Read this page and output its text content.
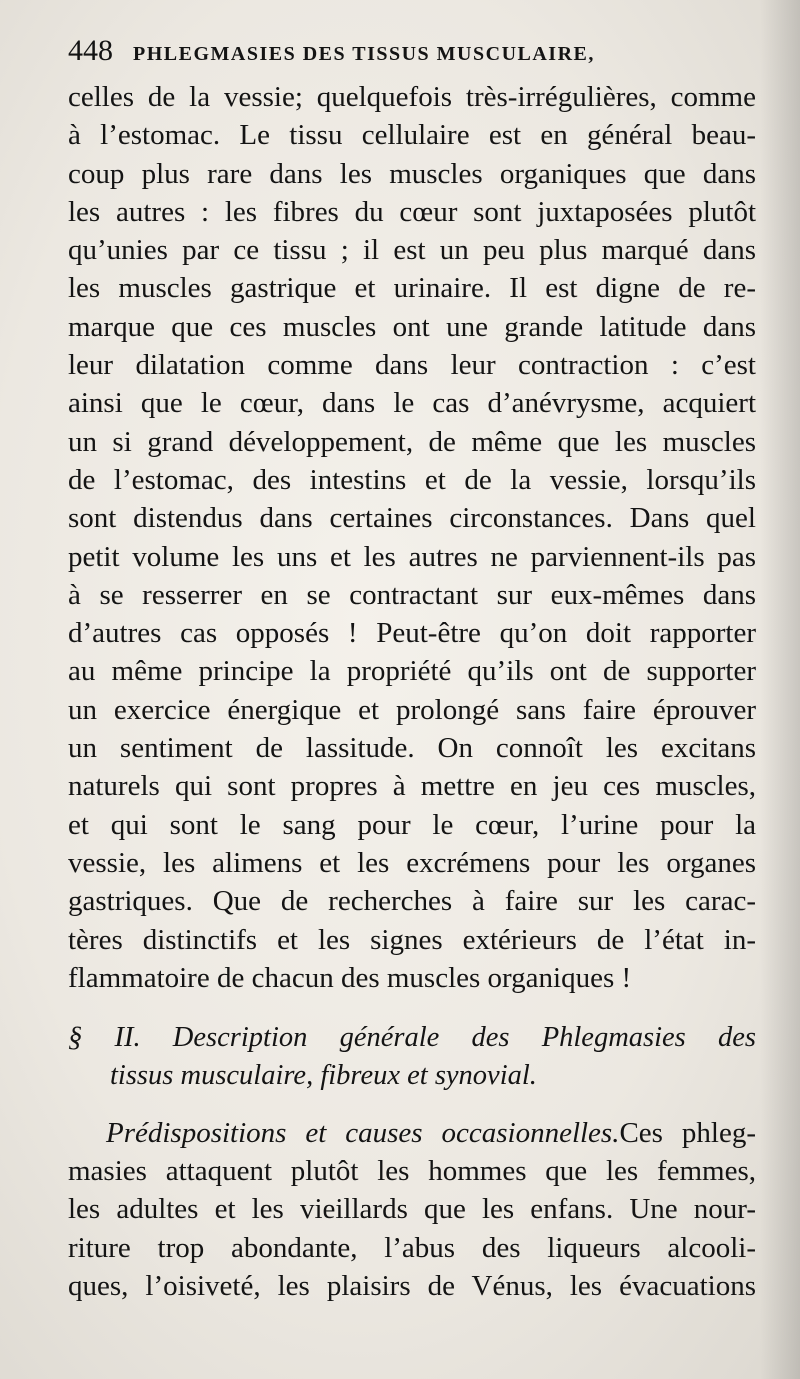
448 PHLEGMASIES DES TISSUS MUSCULAIRE,
celles de la vessie; quelquefois très-irrégulières, comme
à l’estomac. Le tissu cellulaire est en général beau-
coup plus rare dans les muscles organiques que dans
les autres : les fibres du cœur sont juxtaposées plutôt
qu’unies par ce tissu ; il est un peu plus marqué dans
les muscles gastrique et urinaire. Il est digne de re-
marque que ces muscles ont une grande latitude dans
leur dilatation comme dans leur contraction : c’est
ainsi que le cœur, dans le cas d’anévrysme, acquiert
un si grand développement, de même que les muscles
de l’estomac, des intestins et de la vessie, lorsqu’ils
sont distendus dans certaines circonstances. Dans quel
petit volume les uns et les autres ne parviennent-ils pas
à se resserrer en se contractant sur eux-mêmes dans
d’autres cas opposés ! Peut-être qu’on doit rapporter
au même principe la propriété qu’ils ont de supporter
un exercice énergique et prolongé sans faire éprouver
un sentiment de lassitude. On connoît les excitans
naturels qui sont propres à mettre en jeu ces muscles,
et qui sont le sang pour le cœur, l’urine pour la
vessie, les alimens et les excrémens pour les organes
gastriques. Que de recherches à faire sur les carac-
tères distinctifs et les signes extérieurs de l’état in-
flammatoire de chacun des muscles organiques !
§ II. Description générale des Phlegmasies des
tissus musculaire, fibreux et synovial.
Prédispositions et causes occasionnelles.Ces phleg-
masies attaquent plutôt les hommes que les femmes,
les adultes et les vieillards que les enfans. Une nour-
riture trop abondante, l’abus des liqueurs alcooli-
ques, l’oisiveté, les plaisirs de Vénus, les évacuations
